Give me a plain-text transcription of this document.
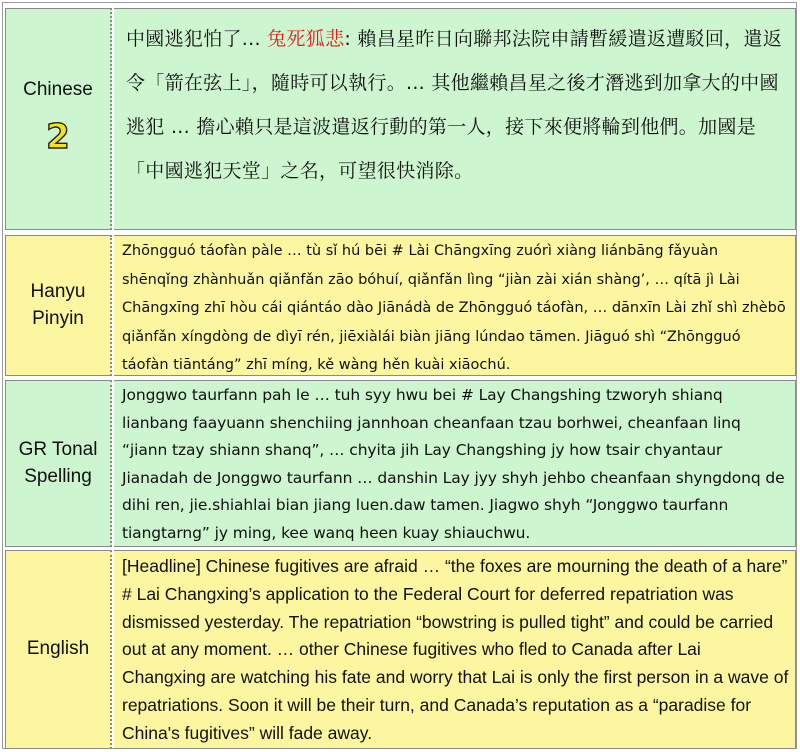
Chinese
2
中國逃犯怕了... 兔死狐悲: 賴昌星昨日向聯邦法院申請暫緩遣返遭駁回，遣返令「箭在弦上」，隨時可以執行。... 其他繼賴昌星之後才潛逃到加拿大的中國逃犯 ... 擔心賴只是這波遣返行動的第一人，接下來便將輪到他們。加國是「中國逃犯天堂」之名，可望很快消除。
Hanyu
Pinyin
Zhōngguó táofàn pàle … tù sǐ hú bēi # Lài Chāngxīng zuórì xiàng liánbāng fǎyuàn shēnqǐng zhànhuǎn qiǎnfǎn zāo bóhuí, qiǎnfǎn lìng “jiàn zài xián shàng’, … qítā jì Lài Chāngxīng zhī hòu cái qiántáo dào Jiānádà de Zhōngguó táofàn, … dānxīn Lài zhǐ shì zhèbō qiǎnfǎn xíngdòng de dìyī rén, jiēxiàlái biàn jiāng lúndao tāmen. Jiāguó shì “Zhōngguó táofàn tiāntáng” zhī míng, kě wàng hěn kuài xiāochú.
GR Tonal
Spelling
Jonggwo taurfann pah le … tuh syy hwu bei # Lay Changshing tzworyh shianq lianbang faayuann shenchiing jannhoan cheanfaan tzau borhwei, cheanfaan linq “jiann tzay shiann shanq”, … chyita jih Lay Changshing jy how tsair chyantaur Jianadah de Jonggwo taurfann … danshin Lay jyy shyh jehbo cheanfaan shyngdonq de dihi ren, jie.shiahlai bian jiang luen.daw tamen. Jiagwo shyh “Jonggwo taurfann tiangtarng” jy ming, kee wanq heen kuay shiauchwu.
English
[Headline] Chinese fugitives are afraid … “the foxes are mourning the death of a hare” # Lai Changxing’s application to the Federal Court for deferred repatriation was dismissed yesterday. The repatriation “bowstring is pulled tight” and could be carried out at any moment. … other Chinese fugitives who fled to Canada after Lai Changxing are watching his fate and worry that Lai is only the first person in a wave of repatriations. Soon it will be their turn, and Canada’s reputation as a “paradise for China's fugitives” will fade away.
